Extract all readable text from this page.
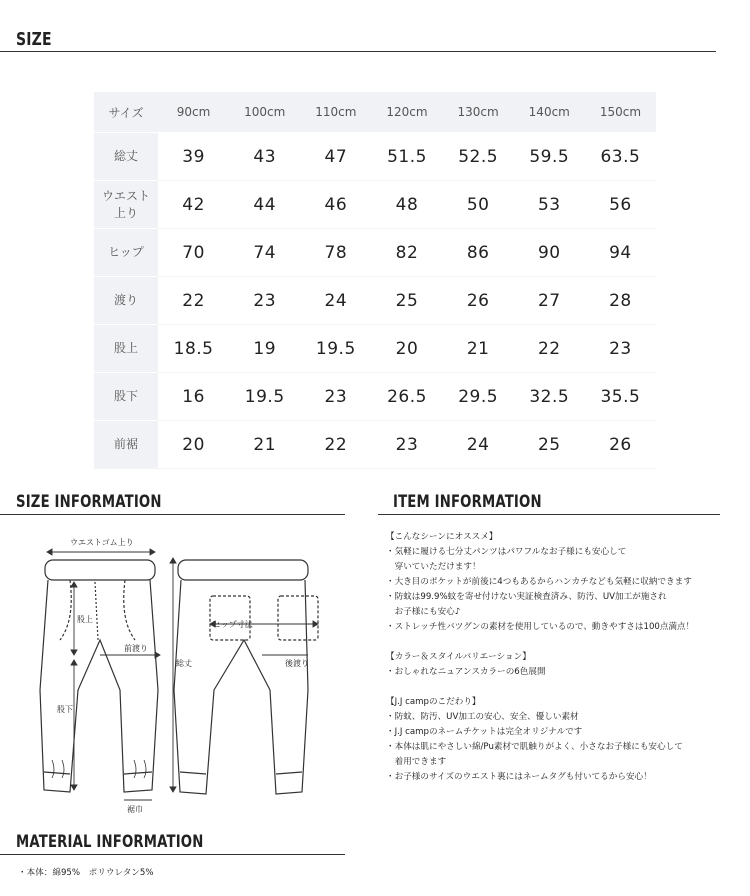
SIZE
サイズ	90cm	100cm	110cm	120cm	130cm	140cm	150cm
総丈	39	43	47	51.5	52.5	59.5	63.5
ウエスト
上り	42	44	46	48	50	53	56
ヒップ	70	74	78	82	86	90	94
渡り	22	23	24	25	26	27	28
股上	18.5	19	19.5	20	21	22	23
股下	16	19.5	23	26.5	29.5	32.5	35.5
前裾	20	21	22	23	24	25	26
SIZE INFORMATION
ウエストゴム上り
股上
前渡り
総丈
股下
裾巾
ヒップ寸法
後渡り
ITEM INFORMATION
【こんなシーンにオススメ】
・気軽に履ける七分丈パンツはパワフルなお子様にも安心して
　穿いていただけます！
・大き目のポケットが前後に4つもあるからハンカチなども気軽に収納できます
・防蚊は99.9%蚊を寄せ付けない実証検査済み、防汚、UV加工が施され
　お子様にも安心♪
・ストレッチ性バツグンの素材を使用しているので、動きやすさは100点満点！
【カラー＆スタイルバリエーション】
・おしゃれなニュアンスカラーの6色展開
【J.J campのこだわり】
・防蚊、防汚、UV加工の安心、安全、優しい素材
・J.J campのネームチケットは完全オリジナルです
・本体は肌にやさしい綿/Pu素材で肌触りがよく、小さなお子様にも安心して
　着用できます
・お子様のサイズのウエスト裏にはネームタグも付いてるから安心！
MATERIAL INFORMATION
・本体：綿95%　ポリウレタン5%
